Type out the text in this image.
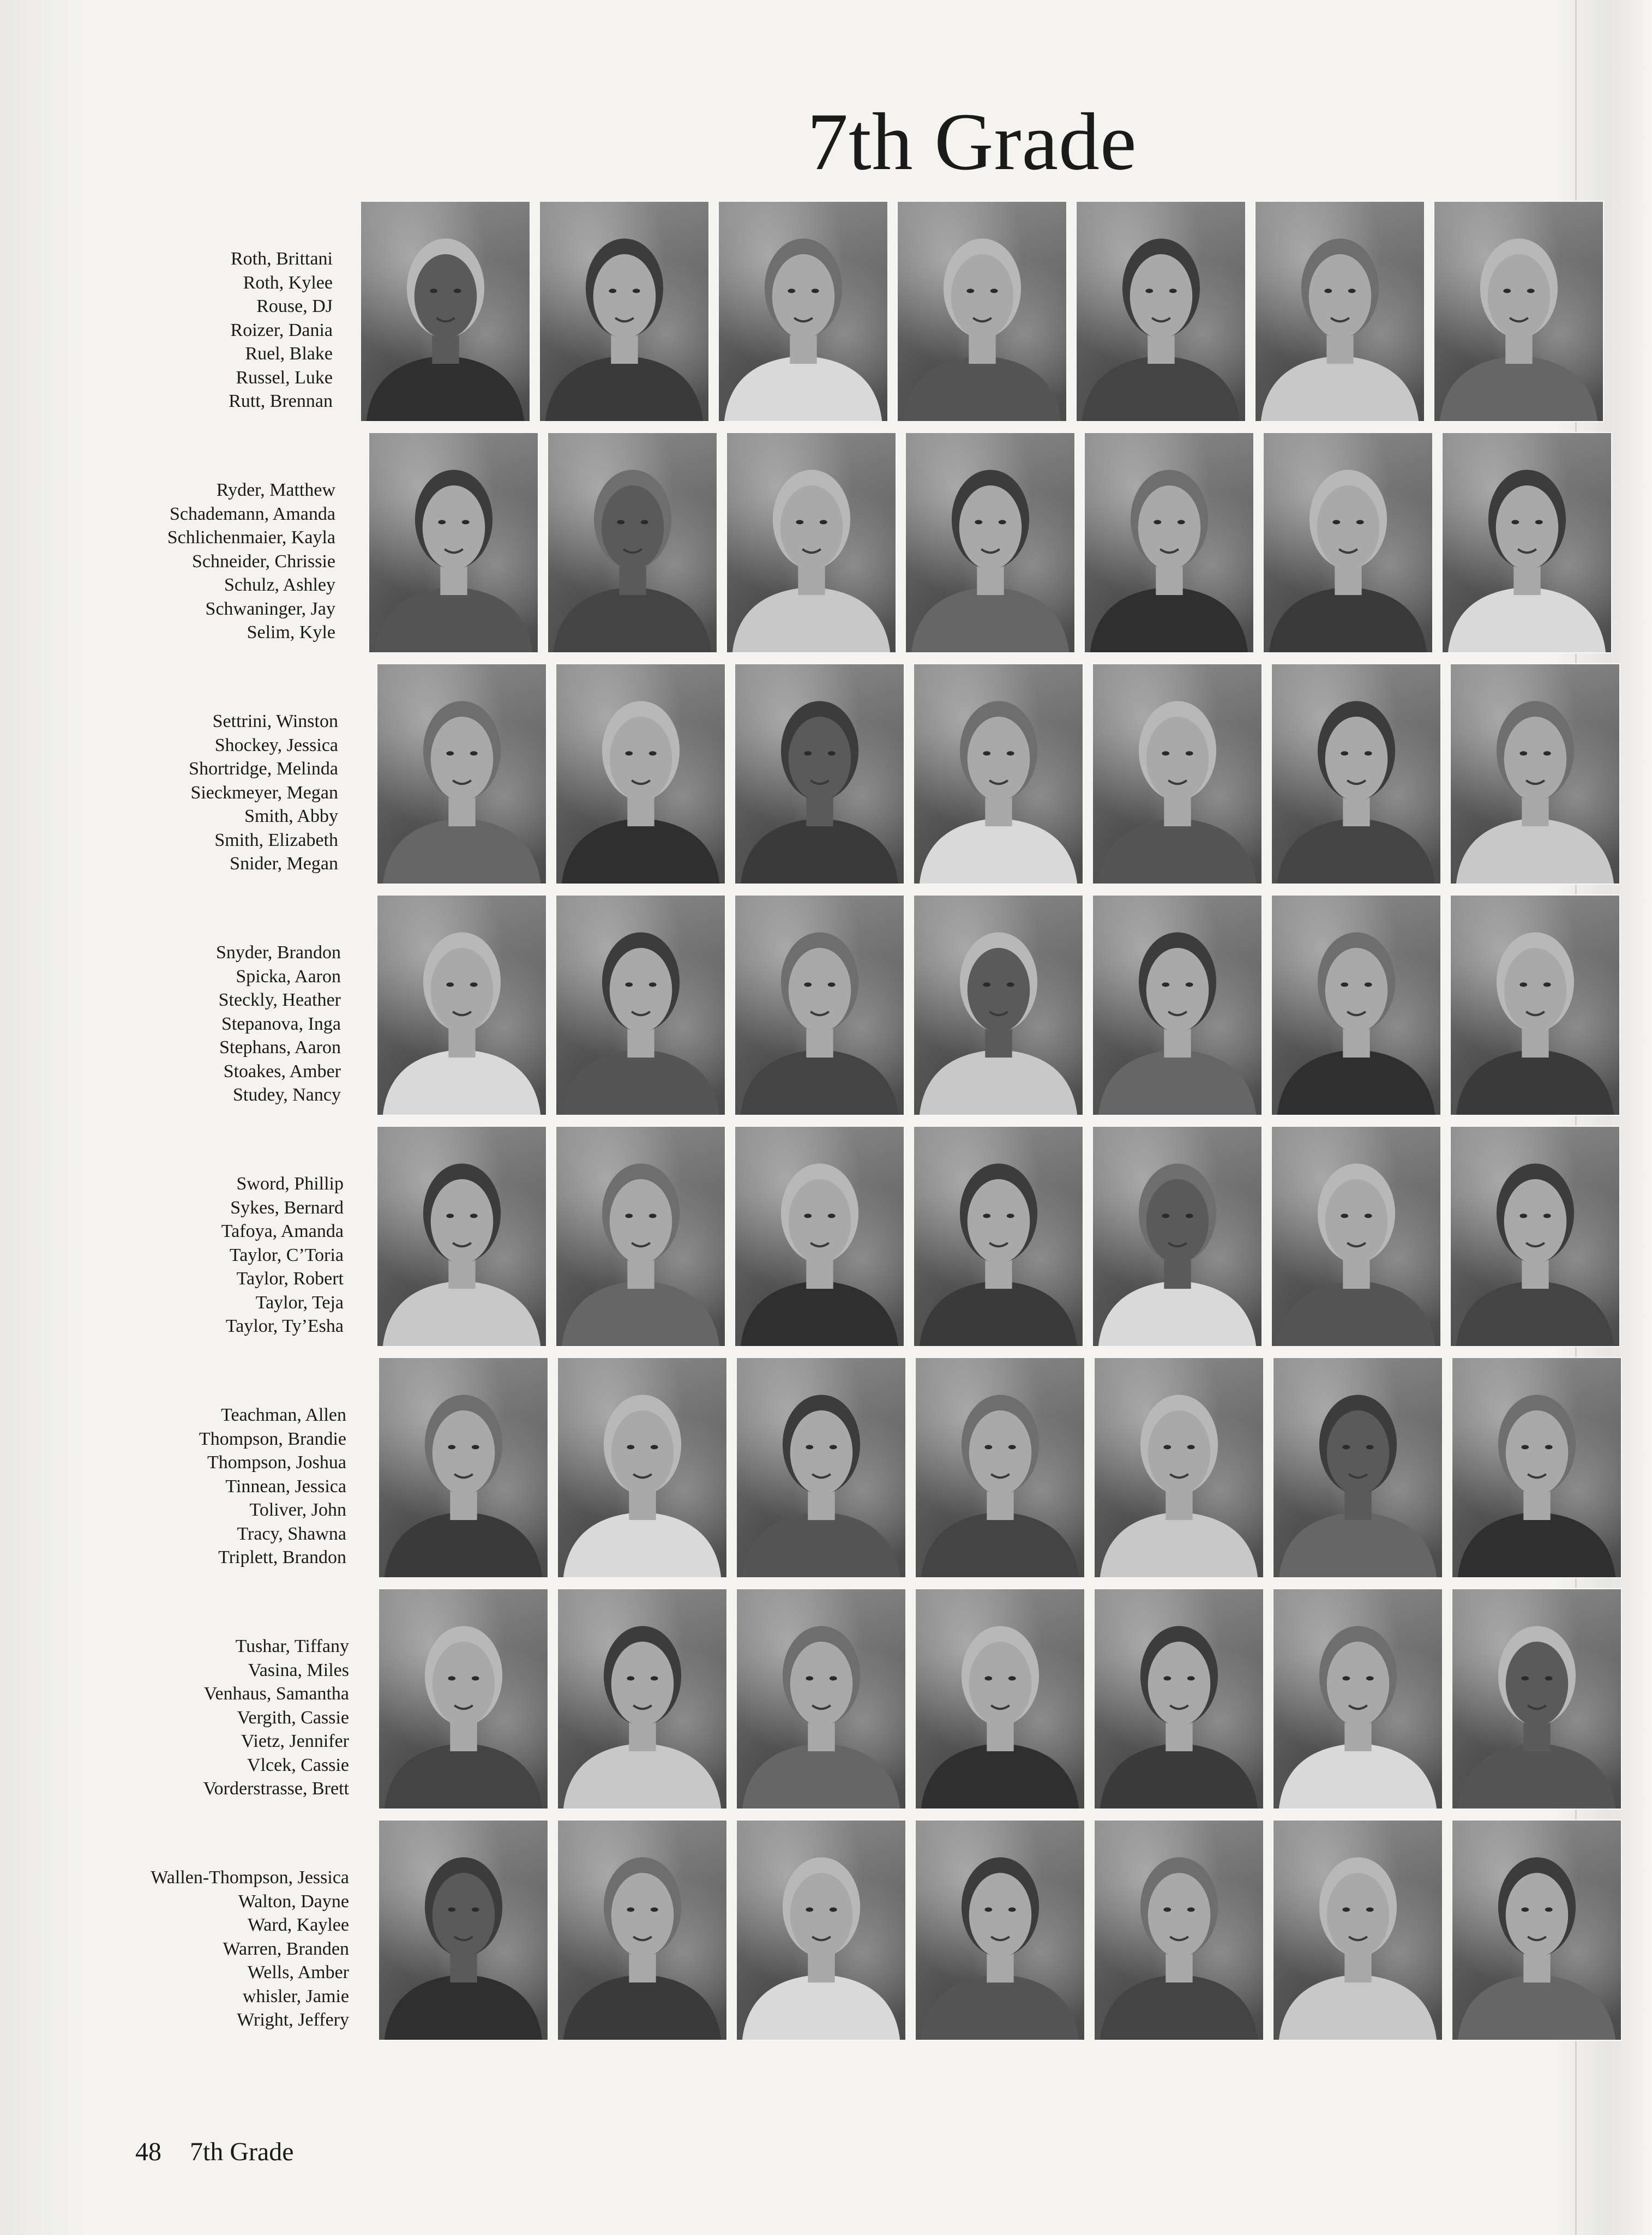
7th Grade
Roth, Brittani
Roth, Kylee
Rouse, DJ
Roizer, Dania
Ruel, Blake
Russel, Luke
Rutt, Brennan
Ryder, Matthew
Schademann, Amanda
Schlichenmaier, Kayla
Schneider, Chrissie
Schulz, Ashley
Schwaninger, Jay
Selim, Kyle
Settrini, Winston
Shockey, Jessica
Shortridge, Melinda
Sieckmeyer, Megan
Smith, Abby
Smith, Elizabeth
Snider, Megan
Snyder, Brandon
Spicka, Aaron
Steckly, Heather
Stepanova, Inga
Stephans, Aaron
Stoakes, Amber
Studey, Nancy
Sword, Phillip
Sykes, Bernard
Tafoya, Amanda
Taylor, C’Toria
Taylor, Robert
Taylor, Teja
Taylor, Ty’Esha
Teachman, Allen
Thompson, Brandie
Thompson, Joshua
Tinnean, Jessica
Toliver, John
Tracy, Shawna
Triplett, Brandon
Tushar, Tiffany
Vasina, Miles
Venhaus, Samantha
Vergith, Cassie
Vietz, Jennifer
Vlcek, Cassie
Vorderstrasse, Brett
Wallen-Thompson, Jessica
Walton, Dayne
Ward, Kaylee
Warren, Branden
Wells, Amber
whisler, Jamie
Wright, Jeffery
48 7th Grade
